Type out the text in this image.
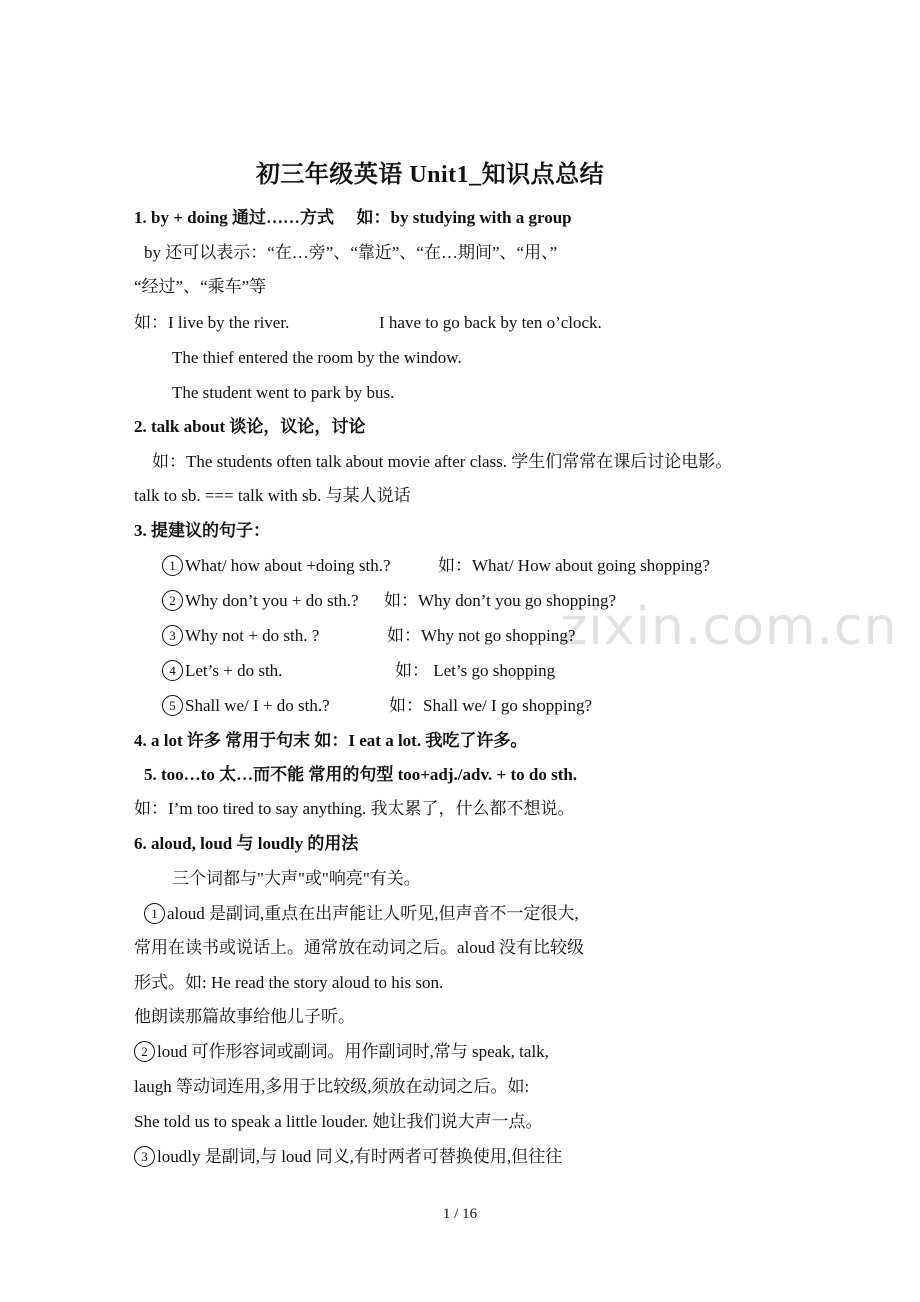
zixin.com.cn
初三年级英语 Unit1_知识点总结
1. by + doing 通过……方式 如：by studying with a group
by 还可以表示：“在…旁”、“靠近”、“在…期间”、“用、”
“经过”、“乘车”等
如：I live by the river.	I have to go back by ten o’clock.
The thief entered the room by the window.
The student went to park by bus.
2. talk about 谈论，议论，讨论
如：The students often talk about movie after class. 学生们常常在课后讨论电影。
talk to sb. === talk with sb. 与某人说话
3. 提建议的句子：
1 What/ how about +doing sth.?	如：What/ How about going shopping?
2 Why don’t you + do sth.? 如：Why don’t you go shopping?
3 Why not + do sth. ?	如：Why not go shopping?
4 Let’s + do sth.	如： Let’s go shopping
5 Shall we/ I + do sth.?	如：Shall we/ I go shopping?
4. a lot 许多 常用于句末 如：I eat a lot. 我吃了许多。
5. too…to 太…而不能 常用的句型 too+adj./adv. + to do sth.
如：I’m too tired to say anything. 我太累了，什么都不想说。
6. aloud, loud 与 loudly 的用法
三个词都与"大声"或"响亮"有关。
1 aloud 是副词,重点在出声能让人听见,但声音不一定很大,
常用在读书或说话上。通常放在动词之后。aloud 没有比较级
形式。如: He read the story aloud to his son.
他朗读那篇故事给他儿子听。
2 loud 可作形容词或副词。用作副词时,常与 speak, talk,
laugh 等动词连用,多用于比较级,须放在动词之后。如:
She told us to speak a little louder. 她让我们说大声一点。
3 loudly 是副词,与 loud 同义,有时两者可替换使用,但往往
1 / 16
